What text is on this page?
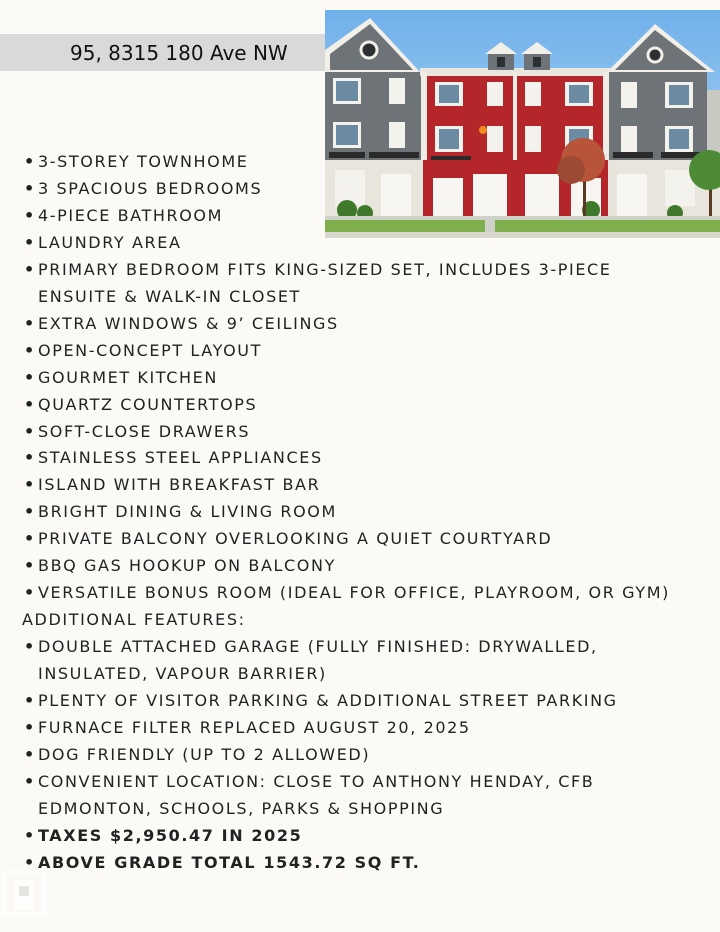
95, 8315 180 Ave NW
• 3-STOREY TOWNHOME
• 3 SPACIOUS BEDROOMS
• 4-PIECE BATHROOM
• LAUNDRY AREA
• PRIMARY BEDROOM FITS KING-SIZED SET, INCLUDES 3-PIECE
ENSUITE & WALK-IN CLOSET
• EXTRA WINDOWS & 9’ CEILINGS
• OPEN-CONCEPT LAYOUT
• GOURMET KITCHEN
• QUARTZ COUNTERTOPS
• SOFT-CLOSE DRAWERS
• STAINLESS STEEL APPLIANCES
• ISLAND WITH BREAKFAST BAR
• BRIGHT DINING & LIVING ROOM
• PRIVATE BALCONY OVERLOOKING A QUIET COURTYARD
• BBQ GAS HOOKUP ON BALCONY
• VERSATILE BONUS ROOM (IDEAL FOR OFFICE, PLAYROOM, OR GYM)
ADDITIONAL FEATURES:
• DOUBLE ATTACHED GARAGE (FULLY FINISHED: DRYWALLED,
INSULATED, VAPOUR BARRIER)
• PLENTY OF VISITOR PARKING & ADDITIONAL STREET PARKING
• FURNACE FILTER REPLACED AUGUST 20, 2025
• DOG FRIENDLY (UP TO 2 ALLOWED)
• CONVENIENT LOCATION: CLOSE TO ANTHONY HENDAY, CFB
EDMONTON, SCHOOLS, PARKS & SHOPPING
• TAXES $2,950.47 IN 2025
• ABOVE GRADE TOTAL 1543.72 SQ FT.
